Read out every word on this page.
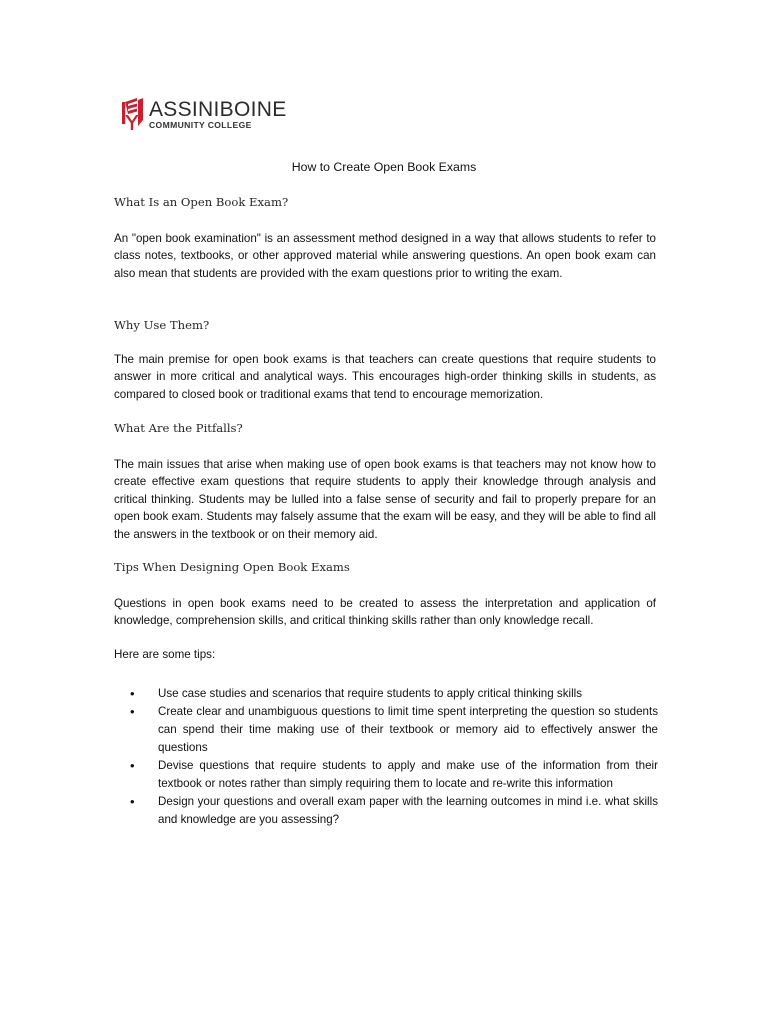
ASSINIBOINE
COMMUNITY COLLEGE
How to Create Open Book Exams
What Is an Open Book Exam?
An "open book examination" is an assessment method designed in a way that allows students to refer to class notes, textbooks, or other approved material while answering questions. An open book exam can also mean that students are provided with the exam questions prior to writing the exam.
Why Use Them?
The main premise for open book exams is that teachers can create questions that require students to answer in more critical and analytical ways. This encourages high-order thinking skills in students, as compared to closed book or traditional exams that tend to encourage memorization.
What Are the Pitfalls?
The main issues that arise when making use of open book exams is that teachers may not know how to create effective exam questions that require students to apply their knowledge through analysis and critical thinking. Students may be lulled into a false sense of security and fail to properly prepare for an open book exam. Students may falsely assume that the exam will be easy, and they will be able to find all the answers in the textbook or on their memory aid.
Tips When Designing Open Book Exams
Questions in open book exams need to be created to assess the interpretation and application of knowledge, comprehension skills, and critical thinking skills rather than only knowledge recall.
Here are some tips:
• Use case studies and scenarios that require students to apply critical thinking skills
• Create clear and unambiguous questions to limit time spent interpreting the question so students can spend their time making use of their textbook or memory aid to effectively answer the questions
• Devise questions that require students to apply and make use of the information from their textbook or notes rather than simply requiring them to locate and re-write this information
• Design your questions and overall exam paper with the learning outcomes in mind i.e. what skills and knowledge are you assessing?
